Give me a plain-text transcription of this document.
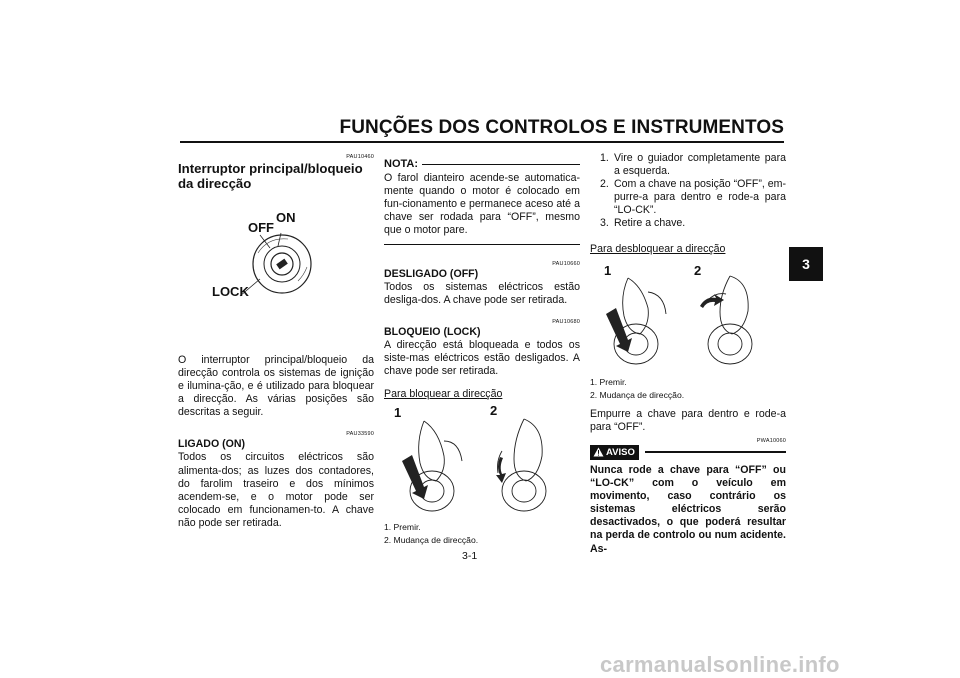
FUNÇÕES DOS CONTROLOS E INSTRUMENTOS
3
PAU10460
Interruptor principal/bloqueio da direcção
OFF
ON
LOCK

O interruptor principal/bloqueio da direcção controla os sistemas de ignição e ilumina-ção, e é utilizado para bloquear a direcção. As várias posições são descritas a seguir.

PAU33590
LIGADO (ON)

Todos os circuitos eléctricos são alimenta-dos; as luzes dos contadores, do farolim traseiro e dos mínimos acendem-se, e o motor pode ser colocado em funcionamen-to. A chave não pode ser retirada.

NOTA:

O farol dianteiro acende-se automatica-mente quando o motor é colocado em fun-cionamento e permanece aceso até a chave ser rodada para “OFF”, mesmo que o motor pare.

PAU10660
DESLIGADO (OFF)

Todos os sistemas eléctricos estão desliga-dos. A chave pode ser retirada.

PAU10680
BLOQUEIO (LOCK)

A direcção está bloqueada e todos os siste-mas eléctricos estão desligados. A chave pode ser retirada.

Para bloquear a direcção
1	2
1. Premir.
2. Mudança de direcção.
3-1
1. Vire o guiador completamente para a esquerda.
2. Com a chave na posição “OFF”, em-purre-a para dentro e rode-a para “LO-CK”.
3. Retire a chave.
Para desbloquear a direcção
1	2
1. Premir.
2. Mudança de direcção.

Empurre a chave para dentro e rode-a para “OFF”.

PWA10060
AVISO

Nunca rode a chave para “OFF” ou “LO-CK” com o veículo em movimento, caso contrário os sistemas eléctricos serão desactivados, o que poderá resultar na perda de controlo ou num acidente. As-

carmanualsonline.info
